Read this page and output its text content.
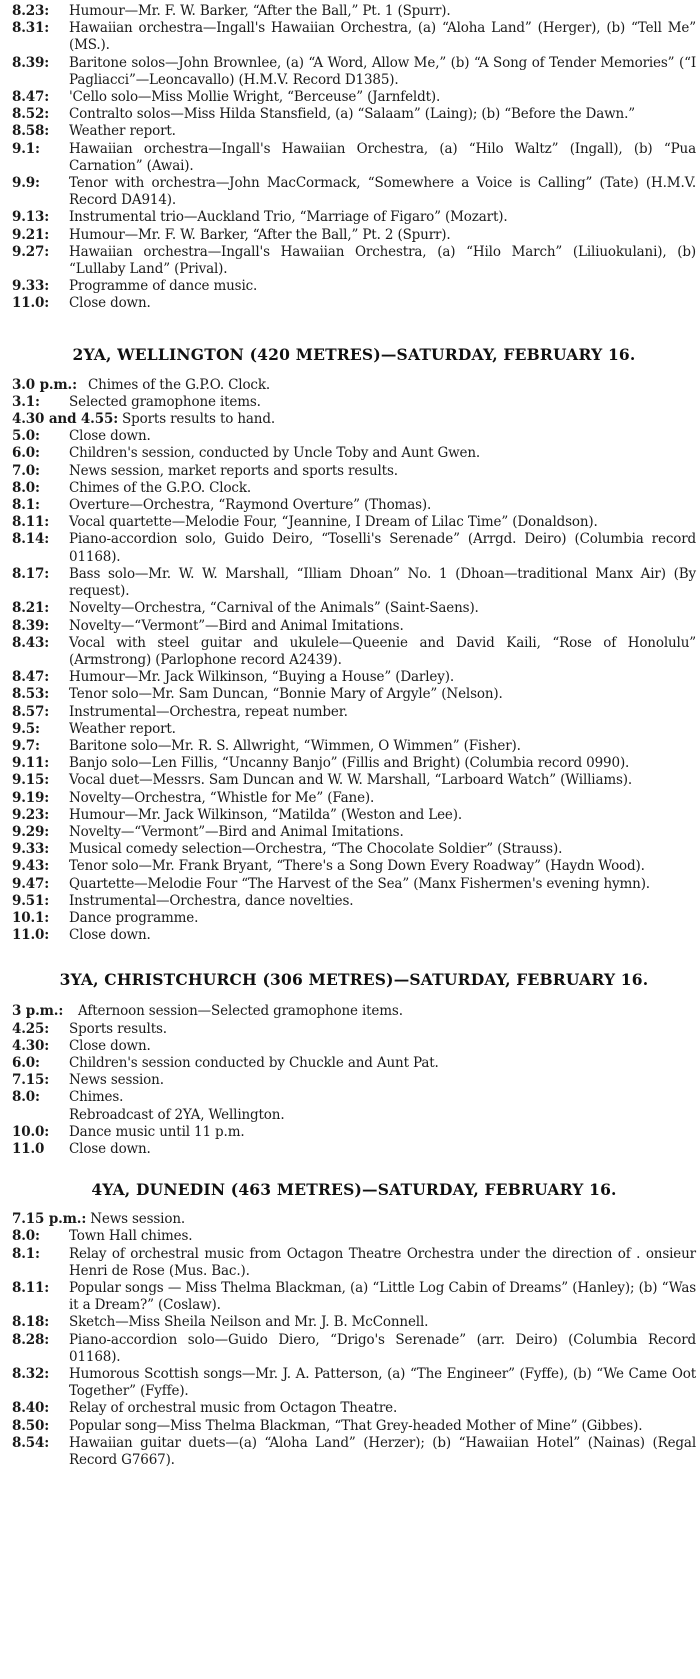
8.23:	Humour—Mr. F. W. Barker, “After the Ball,” Pt. 1 (Spurr).
8.31:	Hawaiian orchestra—Ingall's Hawaiian Orchestra, (a) “Aloha Land” (Herger), (b) “Tell Me” (MS.).
8.39:	Baritone solos—John Brownlee, (a) “A Word, Allow Me,” (b) “A Song of Tender Memories” (“I Pagliacci”—Leoncavallo) (H.M.V. Record D1385).
8.47:	'Cello solo—Miss Mollie Wright, “Berceuse” (Jarnfeldt).
8.52:	Contralto solos—Miss Hilda Stansfield, (a) “Salaam” (Laing); (b) “Before the Dawn.”
8.58:	Weather report.
9.1:	Hawaiian orchestra—Ingall's Hawaiian Orchestra, (a) “Hilo Waltz” (Ingall), (b) “Pua Carnation” (Awai).
9.9:	Tenor with orchestra—John MacCormack, “Somewhere a Voice is Calling” (Tate) (H.M.V. Record DA914).
9.13:	Instrumental trio—Auckland Trio, “Marriage of Figaro” (Mozart).
9.21:	Humour—Mr. F. W. Barker, “After the Ball,” Pt. 2 (Spurr).
9.27:	Hawaiian orchestra—Ingall's Hawaiian Orchestra, (a) “Hilo March” (Liliuokulani), (b) “Lullaby Land” (Prival).
9.33:	Programme of dance music.
11.0:	Close down.
2YA, WELLINGTON (420 METRES)—SATURDAY, FEBRUARY 16.
3.0 p.m.: Chimes of the G.P.O. Clock.
3.1:	Selected gramophone items.
4.30 and 4.55: Sports results to hand.
5.0:	Close down.
6.0:	Children's session, conducted by Uncle Toby and Aunt Gwen.
7.0:	News session, market reports and sports results.
8.0:	Chimes of the G.P.O. Clock.
8.1:	Overture—Orchestra, “Raymond Overture” (Thomas).
8.11:	Vocal quartette—Melodie Four, “Jeannine, I Dream of Lilac Time” (Donaldson).
8.14:	Piano-accordion solo, Guido Deiro, “Toselli's Serenade” (Arrgd. Deiro) (Columbia record 01168).
8.17:	Bass solo—Mr. W. W. Marshall, “Illiam Dhoan” No. 1 (Dhoan—traditional Manx Air) (By request).
8.21:	Novelty—Orchestra, “Carnival of the Animals” (Saint-Saens).
8.39:	Novelty—“Vermont”—Bird and Animal Imitations.
8.43:	Vocal with steel guitar and ukulele—Queenie and David Kaili, “Rose of Honolulu” (Armstrong) (Parlophone record A2439).
8.47:	Humour—Mr. Jack Wilkinson, “Buying a House” (Darley).
8.53:	Tenor solo—Mr. Sam Duncan, “Bonnie Mary of Argyle” (Nelson).
8.57:	Instrumental—Orchestra, repeat number.
9.5:	Weather report.
9.7:	Baritone solo—Mr. R. S. Allwright, “Wimmen, O Wimmen” (Fisher).
9.11:	Banjo solo—Len Fillis, “Uncanny Banjo” (Fillis and Bright) (Columbia record 0990).
9.15:	Vocal duet—Messrs. Sam Duncan and W. W. Marshall, “Larboard Watch” (Williams).
9.19:	Novelty—Orchestra, “Whistle for Me” (Fane).
9.23:	Humour—Mr. Jack Wilkinson, “Matilda” (Weston and Lee).
9.29:	Novelty—“Vermont”—Bird and Animal Imitations.
9.33:	Musical comedy selection—Orchestra, “The Chocolate Soldier” (Strauss).
9.43:	Tenor solo—Mr. Frank Bryant, “There's a Song Down Every Roadway” (Haydn Wood).
9.47:	Quartette—Melodie Four “The Harvest of the Sea” (Manx Fishermen's evening hymn).
9.51:	Instrumental—Orchestra, dance novelties.
10.1:	Dance programme.
11.0:	Close down.
3YA, CHRISTCHURCH (306 METRES)—SATURDAY, FEBRUARY 16.
3 p.m.:	Afternoon session—Selected gramophone items.
4.25:	Sports results.
4.30:	Close down.
6.0:	Children's session conducted by Chuckle and Aunt Pat.
7.15:	News session.
8.0:	Chimes.
Rebroadcast of 2YA, Wellington.
10.0:	Dance music until 11 p.m.
11.0	Close down.
4YA, DUNEDIN (463 METRES)—SATURDAY, FEBRUARY 16.
7.15 p.m.: News session.
8.0:	Town Hall chimes.
8.1:	Relay of orchestral music from Octagon Theatre Orchestra under the direction of . onsieur Henri de Rose (Mus. Bac.).
8.11:	Popular songs — Miss Thelma Blackman, (a) “Little Log Cabin of Dreams” (Hanley); (b) “Was it a Dream?” (Coslaw).
8.18:	Sketch—Miss Sheila Neilson and Mr. J. B. McConnell.
8.28:	Piano-accordion solo—Guido Diero, “Drigo's Serenade” (arr. Deiro) (Columbia Record 01168).
8.32:	Humorous Scottish songs—Mr. J. A. Patterson, (a) “The Engineer” (Fyffe), (b) “We Came Oot Together” (Fyffe).
8.40:	Relay of orchestral music from Octagon Theatre.
8.50:	Popular song—Miss Thelma Blackman, “That Grey-headed Mother of Mine” (Gibbes).
8.54:	Hawaiian guitar duets—(a) “Aloha Land” (Herzer); (b) “Hawaiian Hotel” (Nainas) (Regal Record G7667).
